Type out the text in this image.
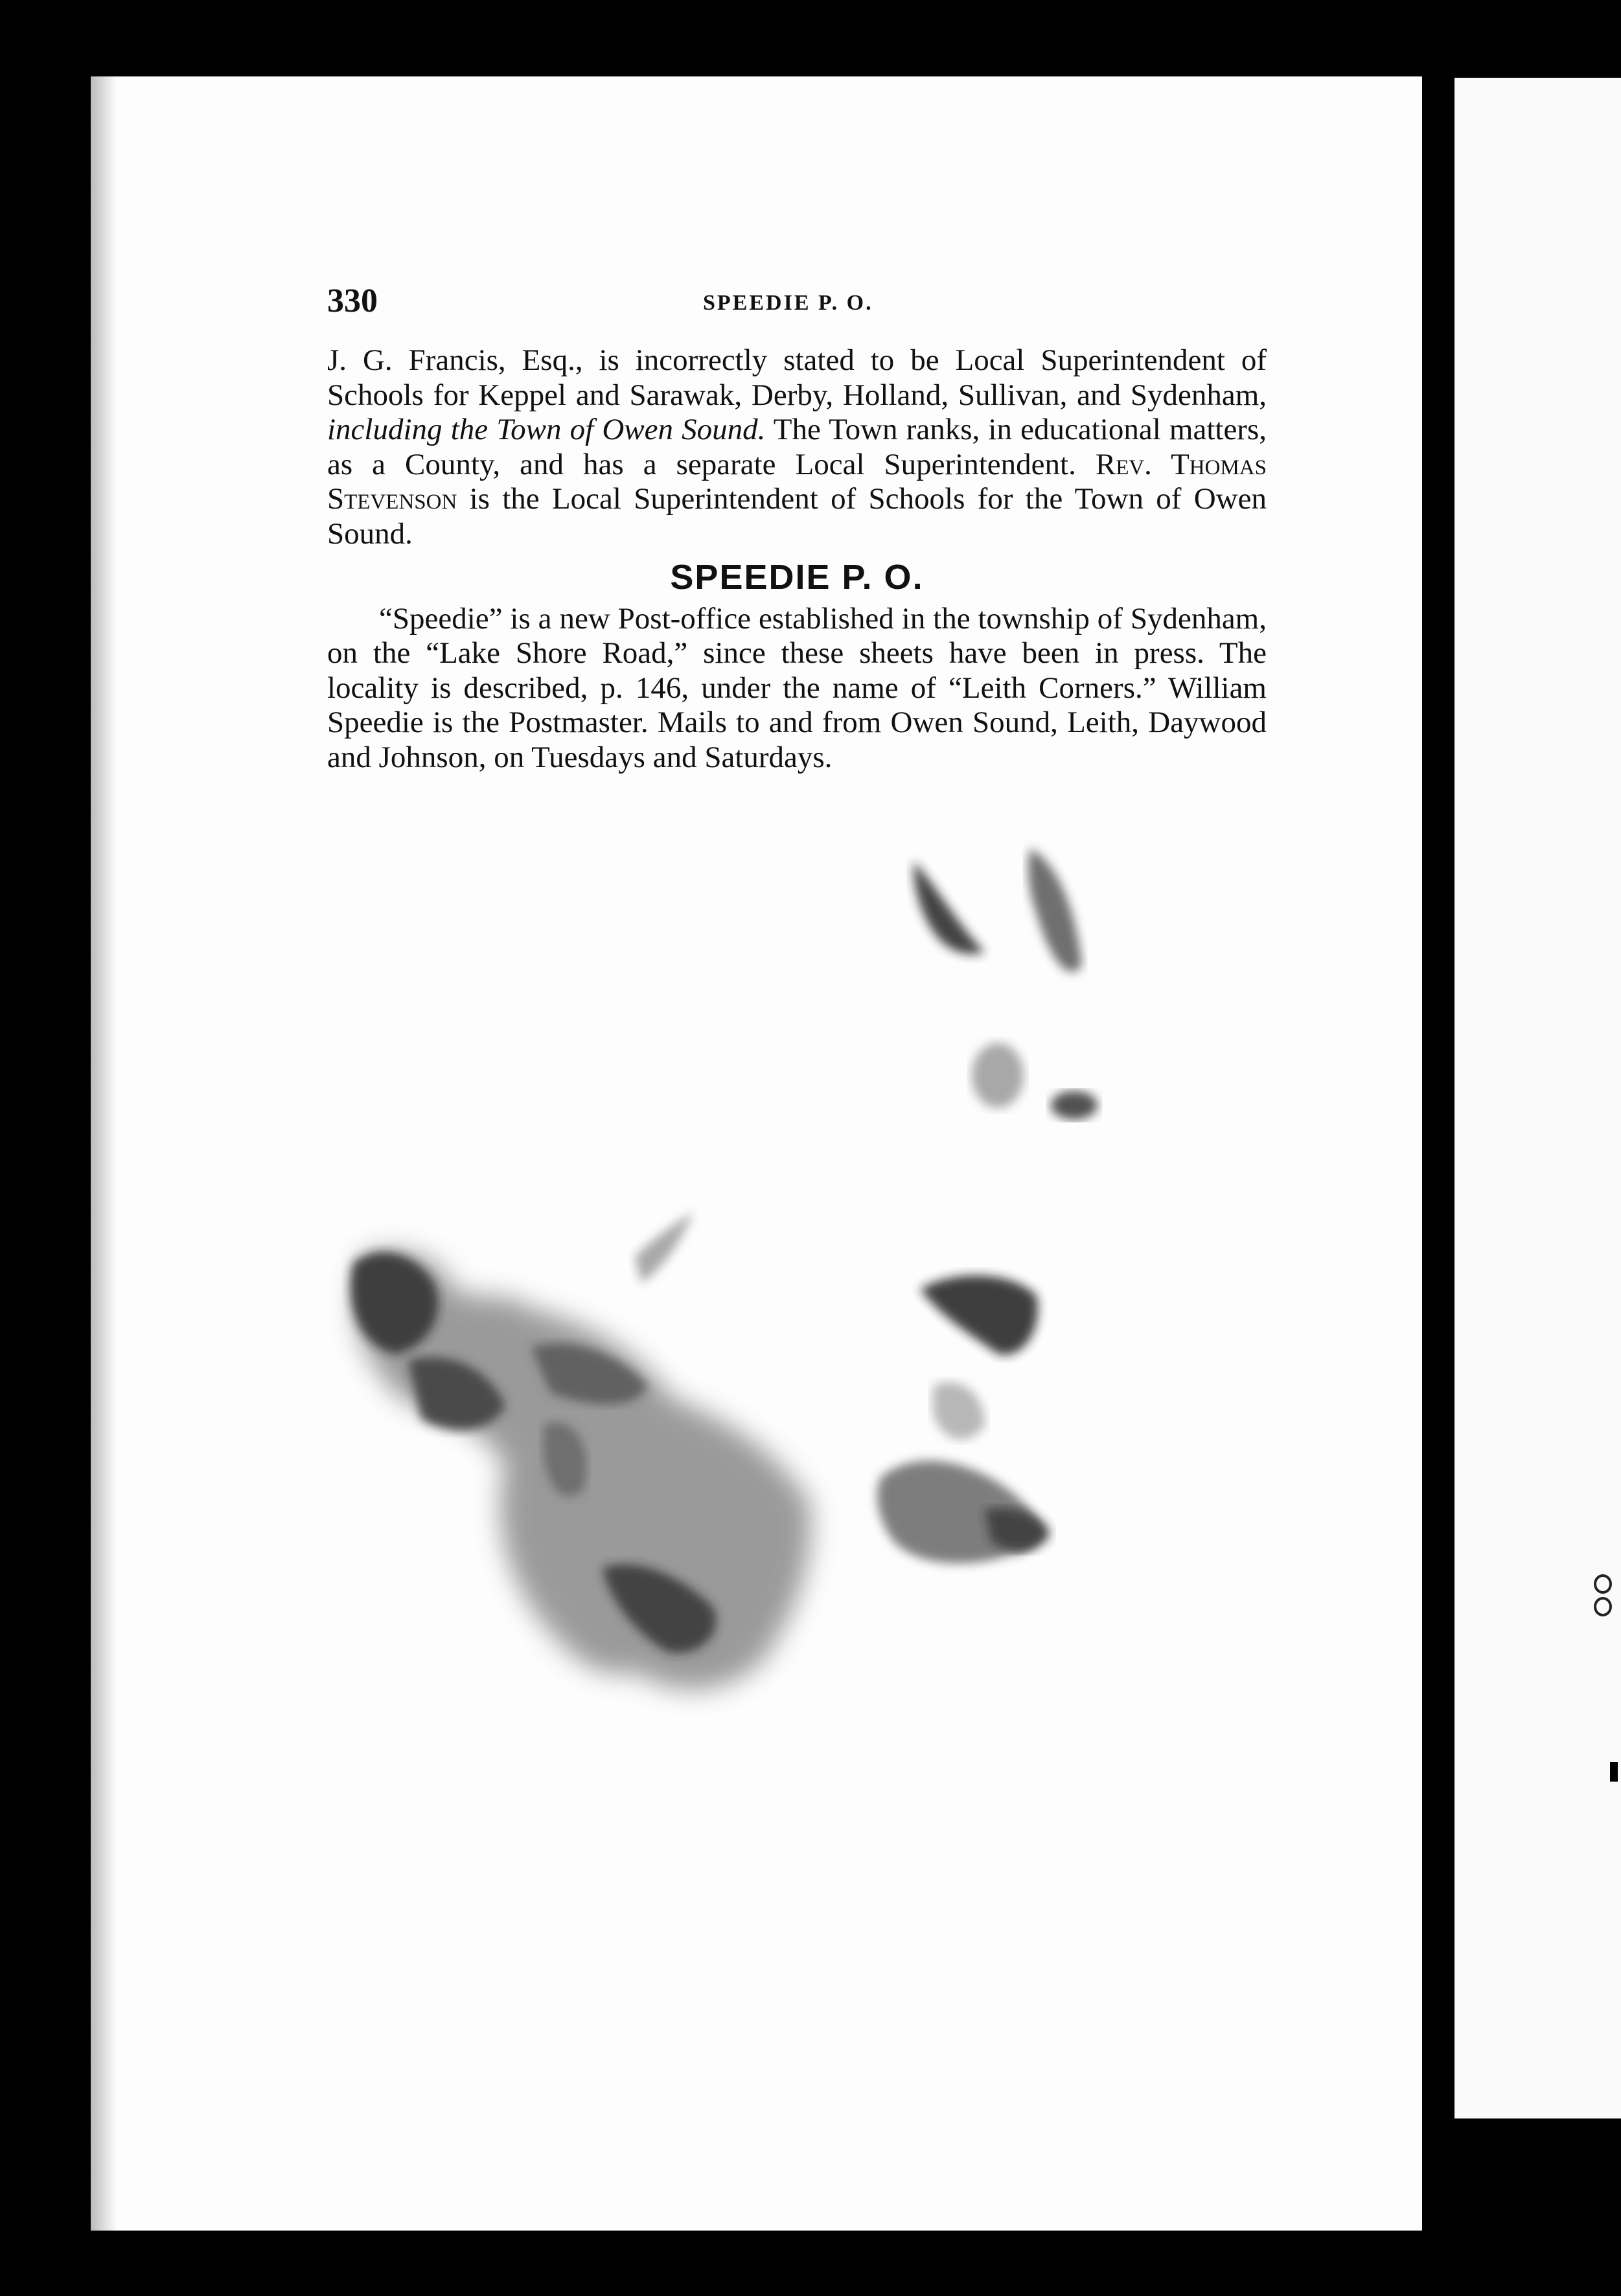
330	SPEEDIE P. O.

J. G. Francis, Esq., is incorrectly stated to be Local Superintendent of Schools for Keppel and Sarawak, Derby, Holland, Sullivan, and Sydenham, including the Town of Owen Sound. The Town ranks, in educational matters, as a County, and has a separate Local Superintendent. Rev. Thomas Stevenson is the Local Superintendent of Schools for the Town of Owen Sound.

SPEEDIE P. O.

“Speedie” is a new Post-office established in the township of Sydenham, on the “Lake Shore Road,” since these sheets have been in press. The locality is described, p. 146, under the name of “Leith Corners.” William Speedie is the Postmaster. Mails to and from Owen Sound, Leith, Daywood and Johnson, on Tuesdays and Saturdays.
